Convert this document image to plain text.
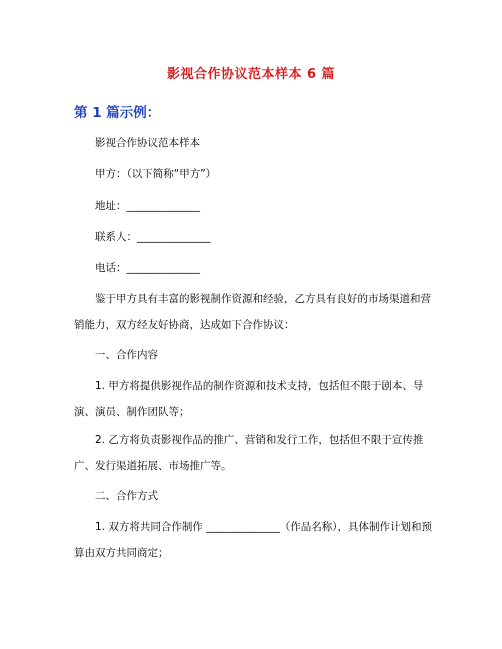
影视合作协议范本样本 6 篇
第 1 篇示例：
影视合作协议范本样本
甲方：（以下简称“甲方”）
地址：______________
联系人：______________
电话：______________
鉴于甲方具有丰富的影视制作资源和经验，乙方具有良好的市场渠道和营销能力，双方经友好协商，达成如下合作协议：
一、合作内容
1. 甲方将提供影视作品的制作资源和技术支持，包括但不限于剧本、导演、演员、制作团队等；
2. 乙方将负责影视作品的推广、营销和发行工作，包括但不限于宣传推广、发行渠道拓展、市场推广等。
二、合作方式
1. 双方将共同合作制作 ______________（作品名称），具体制作计划和预算由双方共同商定；
